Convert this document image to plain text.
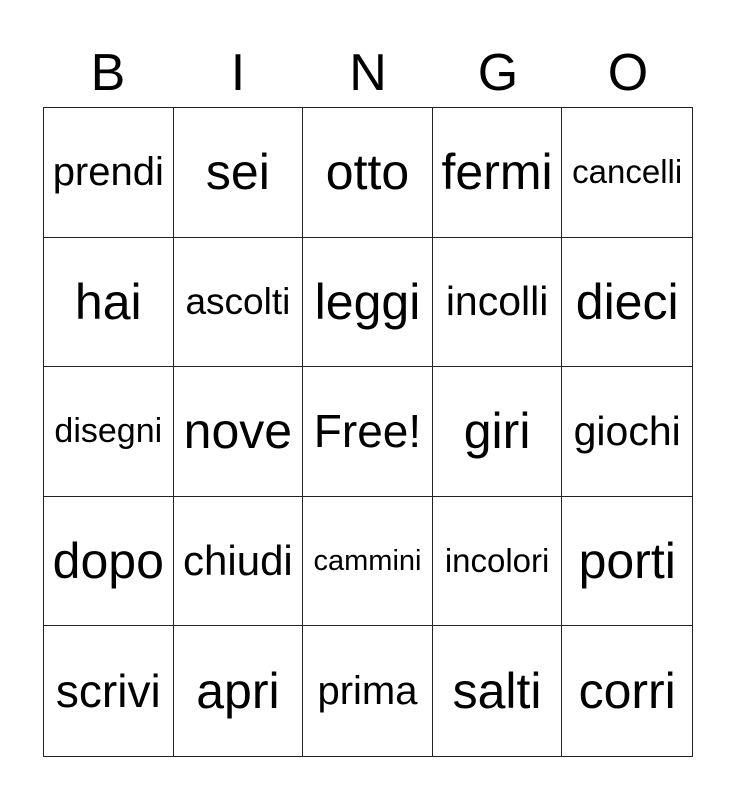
B	I	N	G	O
prendi sei	otto fermi cancelli
hai	ascolti leggi incolli dieci
disegni nove Free! giri	giochi
dopo chiudi cammini incolori porti
scrivi apri prima salti corri
